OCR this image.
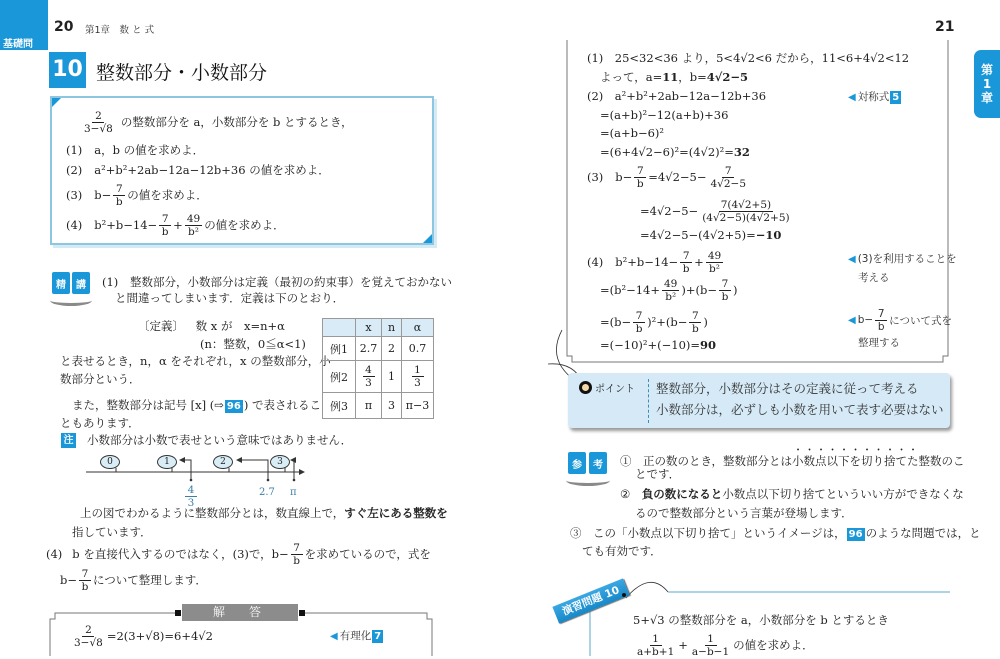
基礎問
20 第1章　数 と 式
10 整数部分・小数部分
$\frac{2}{3-√8}$ の整数部分を a，小数部分を b とするとき，
(1) a，b の値を求めよ．
(2) a²+b²+2ab−12a−12b+36 の値を求めよ．
(3) $b- \frac{7}{b}$ の値を求めよ．
(4) $b^2+b-14- \frac{7}{b} + \frac{49}{\text{b²}}$ の値を求めよ．
精	講	(1) 整数部分，小数部分は定義（最初の約束事）を覚えておかない
と間違ってしまいます．定義は下のとおり．
〔定義〕 数 x が　x=n+α
(n：整数，0≦α<1)
と表せるとき，n，α をそれぞれ，x の整数部分，小
数部分という．
	x	n	α
例1	2.7	2	0.7
例2	$\frac{4}{3}$	1	$\frac{1}{3}$

例3	π	3	π−3
また，整数部分は記号 [x] (⇨ 96 ) で表されるこ
ともあります．
注 小数部分は小数で表せという意味ではありません．
0	1	2	3
$\frac{4}{3}$	2.7 π
上の図でわかるように整数部分とは，数直線上で，すぐ左にある整数を
指しています．
(4) b を直接代入するのではなく，(3)で，$b- \frac{7}{b}$ を求めているので，式を
$b- \frac{7}{b}$ について整理します．
解　答
$\frac{2}{3-√8} =2(3+√8)=6+4√2$	◀ 有理化 7
21
第
1
章
(1)　25<32<36 より，5<4√2<6 だから，11<6+4√2<12
よって，a=11，b=4√2−5
(2)　a²+b²+2ab−12a−12b+36	◀ 対称式 5
=(a+b)²−12(a+b)+36
=(a+b−6)²
=(6+4√2−6)²=(4√2)²=32
(3) $b- \frac{7}{b} =4√2-5- \frac{7}{4√2-5}$
$=4√2-5- \frac{7(4√2+5)}{(4√2-5)(4√2+5)}$
=4√2−5−(4√2+5)=−10
(4) $b^2+b-14- \frac{7}{b} + \frac{49}{\text{b²}}$	◀ (3)を利用することを
考える
$=(b^2-14+ \frac{49}{\text{b²}} )+(b- \frac{7}{b}$ )
$=(b- \frac{7}{b} )^2+(b- \frac{7}{b}$ )	◀ $b- \frac{7}{b}$ について式を
整理する
=(−10)²+(−10)=90
ポイント 整数部分，小数部分はその定義に従って考える
小数部分は，必ずしも小数を用いて表す必要はない
参	考	①　正の数のとき，整数部分とは小数点以下を切り捨てた整数のこ
とです．
②　負の数になると小数点以下切り捨てといういい方ができなくな
るので整数部分という言葉が登場します．
③　この「小数点以下切り捨て」というイメージは， 96 のような問題では，と
ても有効です．
演習問題 10
5+√3 の整数部分を a，小数部分を b とするとき
$\frac{1}{a+b+1} + \frac{1}{a-b-1}$ の値を求めよ．
